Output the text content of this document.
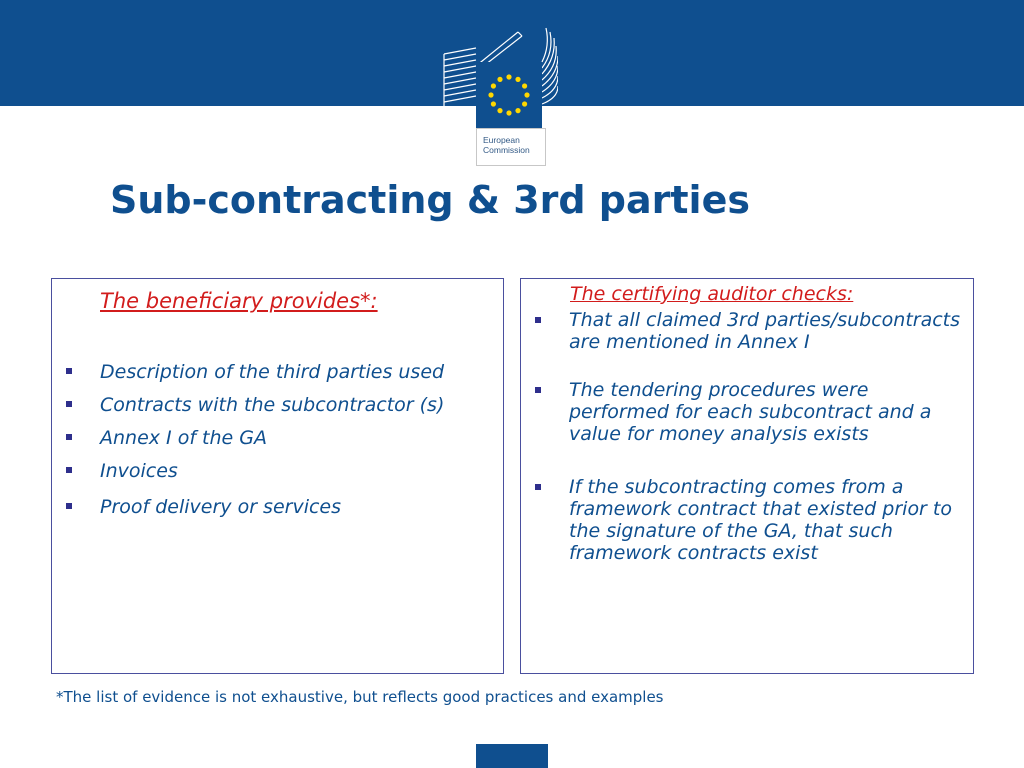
European
Commission
Sub-contracting & 3rd parties
The beneficiary provides*:
Description of the third parties used
Contracts with the subcontractor (s)
Annex I of the GA
Invoices
Proof delivery or services
The certifying auditor checks:
That all claimed 3rd parties/subcontracts are mentioned in Annex I
The tendering procedures were performed for each subcontract and a value for money analysis exists
If the subcontracting comes from a framework contract that existed prior to the signature of the GA, that such framework contracts exist
*The list of evidence is not exhaustive, but reflects good practices and examples
